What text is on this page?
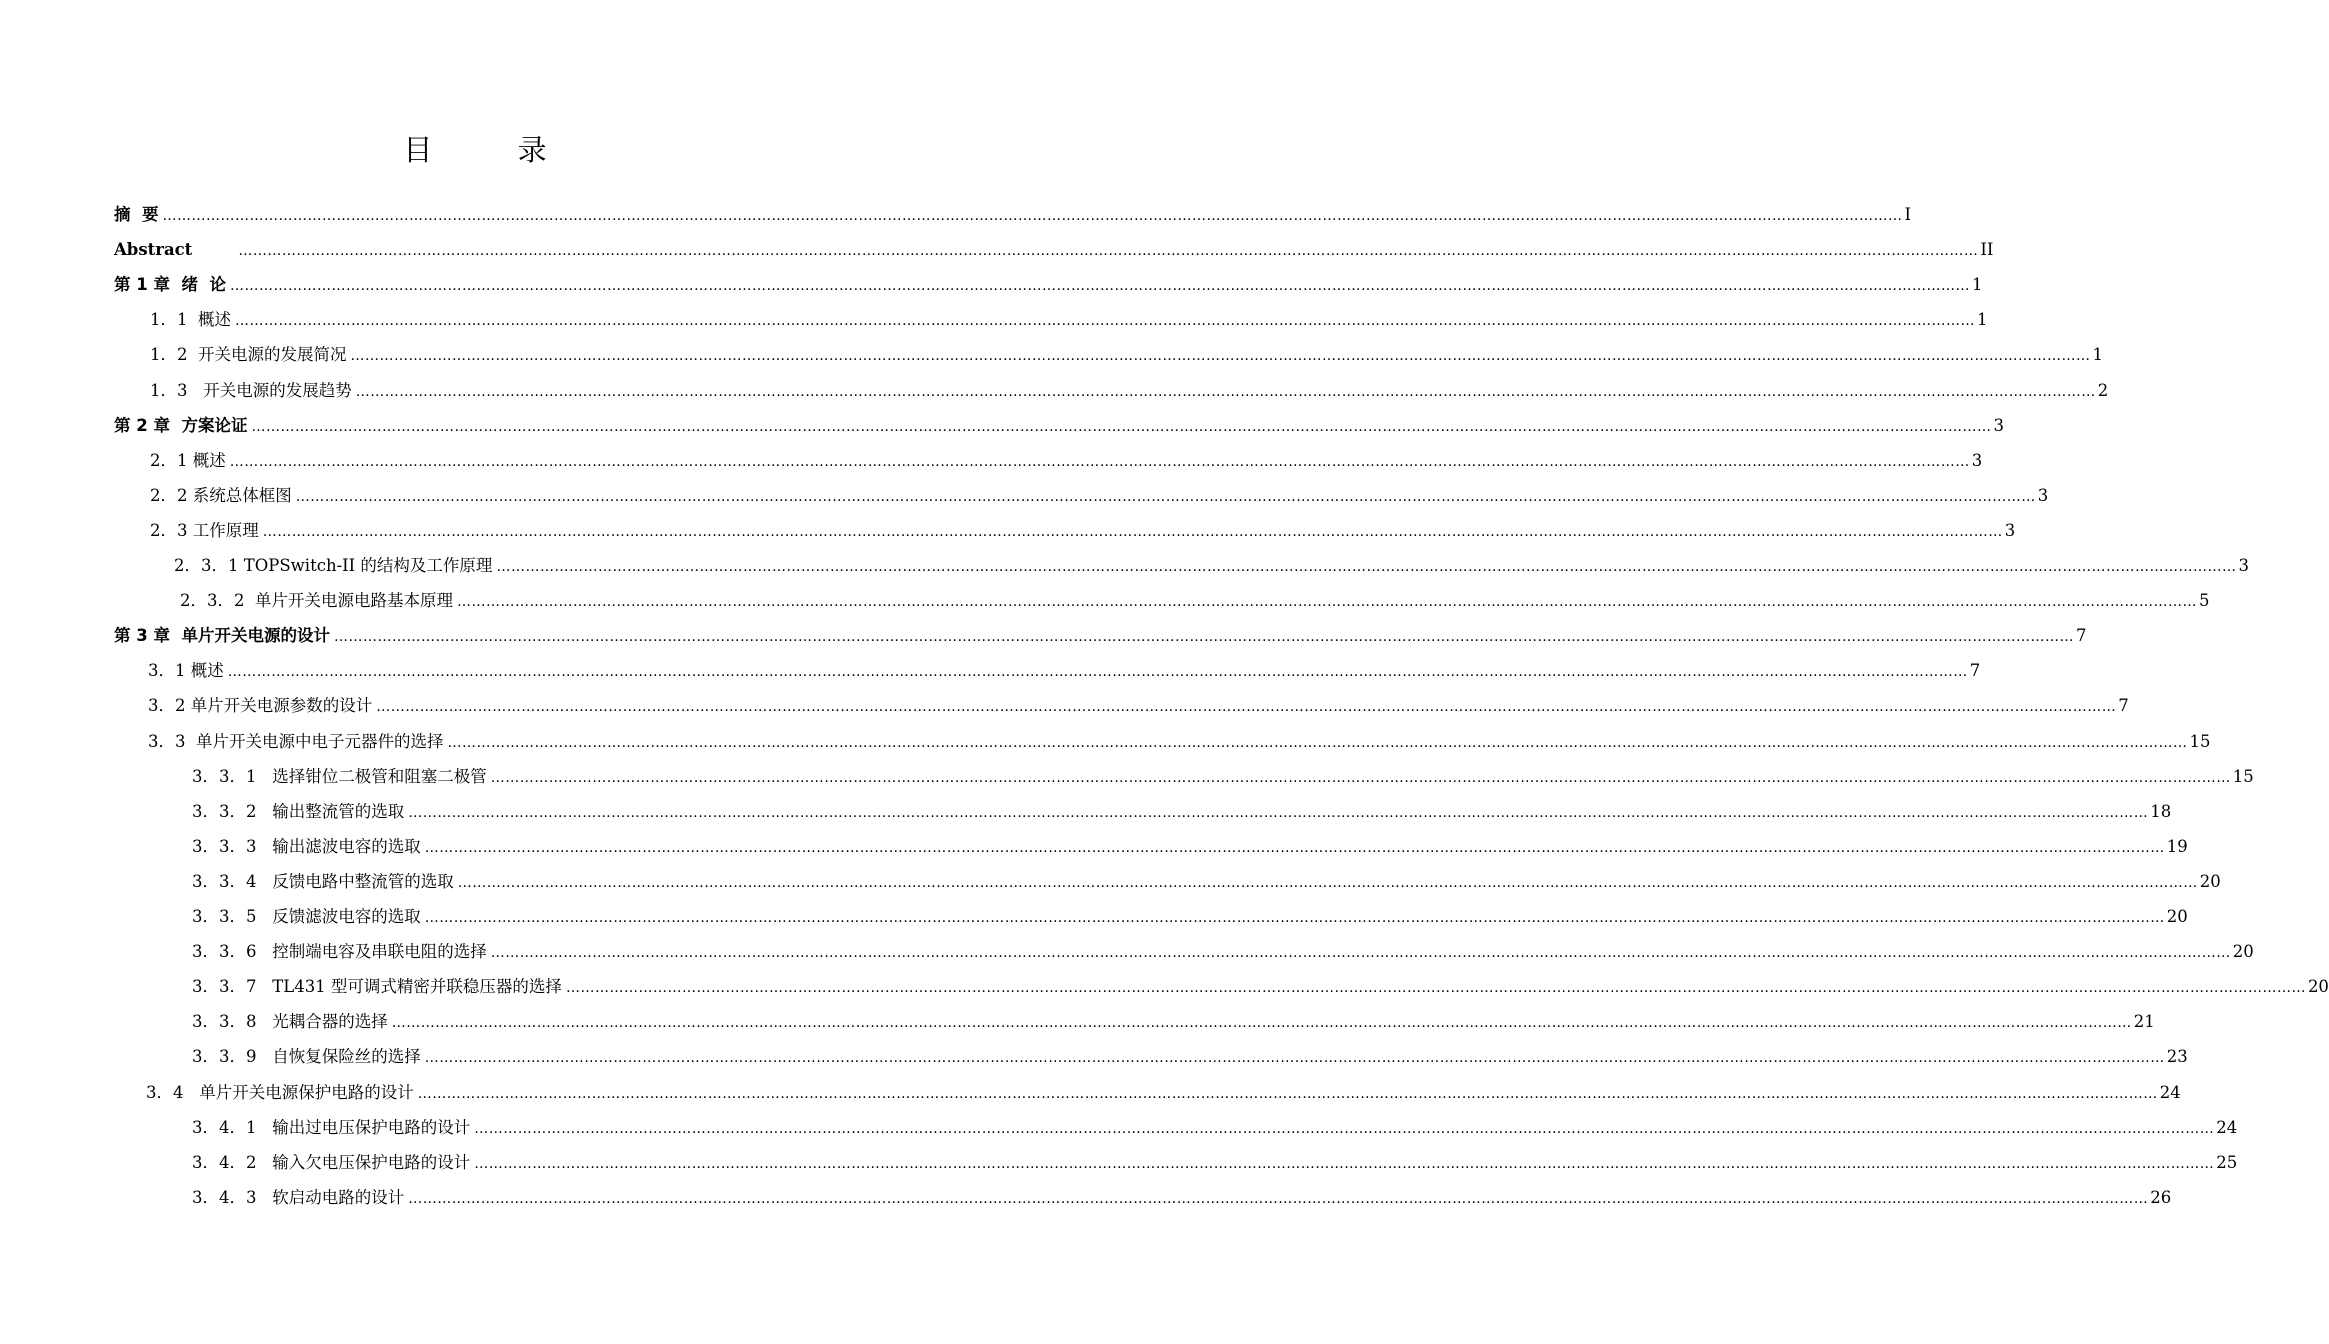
目 录
摘  要 ……………………………………………………………………………………………………………………………………………………………………………………………………………………………………………………………………………………………………………………………… I
Abstract	……………………………………………………………………………………………………………………………………………………………………………………………………………………………………………………………………………………………………………………………… II
第 1 章  绪  论 ……………………………………………………………………………………………………………………………………………………………………………………………………………………………………………………………………………………………………………………………… 1
1．1  概述 ……………………………………………………………………………………………………………………………………………………………………………………………………………………………………………………………………………………………………………………………… 1
1．2  开关电源的发展简况 ……………………………………………………………………………………………………………………………………………………………………………………………………………………………………………………………………………………………………………………………… 1
1．3   开关电源的发展趋势 ……………………………………………………………………………………………………………………………………………………………………………………………………………………………………………………………………………………………………………………………… 2
第 2 章  方案论证 ……………………………………………………………………………………………………………………………………………………………………………………………………………………………………………………………………………………………………………………………… 3
2．1 概述 ……………………………………………………………………………………………………………………………………………………………………………………………………………………………………………………………………………………………………………………………… 3
2．2 系统总体框图 ……………………………………………………………………………………………………………………………………………………………………………………………………………………………………………………………………………………………………………………………… 3
2．3 工作原理 ……………………………………………………………………………………………………………………………………………………………………………………………………………………………………………………………………………………………………………………………… 3
2．3．1 TOPSwitch-II 的结构及工作原理 ……………………………………………………………………………………………………………………………………………………………………………………………………………………………………………………………………………………………………………………………… 3
2．3．2  单片开关电源电路基本原理 ……………………………………………………………………………………………………………………………………………………………………………………………………………………………………………………………………………………………………………………………… 5
第 3 章  单片开关电源的设计 ……………………………………………………………………………………………………………………………………………………………………………………………………………………………………………………………………………………………………………………………… 7
3．1 概述 ……………………………………………………………………………………………………………………………………………………………………………………………………………………………………………………………………………………………………………………………… 7
3．2 单片开关电源参数的设计 ……………………………………………………………………………………………………………………………………………………………………………………………………………………………………………………………………………………………………………………………… 7
3．3  单片开关电源中电子元器件的选择 ……………………………………………………………………………………………………………………………………………………………………………………………………………………………………………………………………………………………………………………………… 15
3．3．1   选择钳位二极管和阻塞二极管 ……………………………………………………………………………………………………………………………………………………………………………………………………………………………………………………………………………………………………………………………… 15
3．3．2   输出整流管的选取 ……………………………………………………………………………………………………………………………………………………………………………………………………………………………………………………………………………………………………………………………… 18
3．3．3   输出滤波电容的选取 ……………………………………………………………………………………………………………………………………………………………………………………………………………………………………………………………………………………………………………………………… 19
3．3．4   反馈电路中整流管的选取 ……………………………………………………………………………………………………………………………………………………………………………………………………………………………………………………………………………………………………………………………… 20
3．3．5   反馈滤波电容的选取 ……………………………………………………………………………………………………………………………………………………………………………………………………………………………………………………………………………………………………………………………… 20
3．3．6   控制端电容及串联电阻的选择 ……………………………………………………………………………………………………………………………………………………………………………………………………………………………………………………………………………………………………………………………… 20
3．3．7   TL431 型可调式精密并联稳压器的选择 ……………………………………………………………………………………………………………………………………………………………………………………………………………………………………………………………………………………………………………………………… 20
3．3．8   光耦合器的选择 ……………………………………………………………………………………………………………………………………………………………………………………………………………………………………………………………………………………………………………………………… 21
3．3．9   自恢复保险丝的选择 ……………………………………………………………………………………………………………………………………………………………………………………………………………………………………………………………………………………………………………………………… 23
3．4   单片开关电源保护电路的设计 ……………………………………………………………………………………………………………………………………………………………………………………………………………………………………………………………………………………………………………………………… 24
3．4．1   输出过电压保护电路的设计 ……………………………………………………………………………………………………………………………………………………………………………………………………………………………………………………………………………………………………………………………… 24
3．4．2   输入欠电压保护电路的设计 ……………………………………………………………………………………………………………………………………………………………………………………………………………………………………………………………………………………………………………………………… 25
3．4．3   软启动电路的设计 ……………………………………………………………………………………………………………………………………………………………………………………………………………………………………………………………………………………………………………………………… 26
